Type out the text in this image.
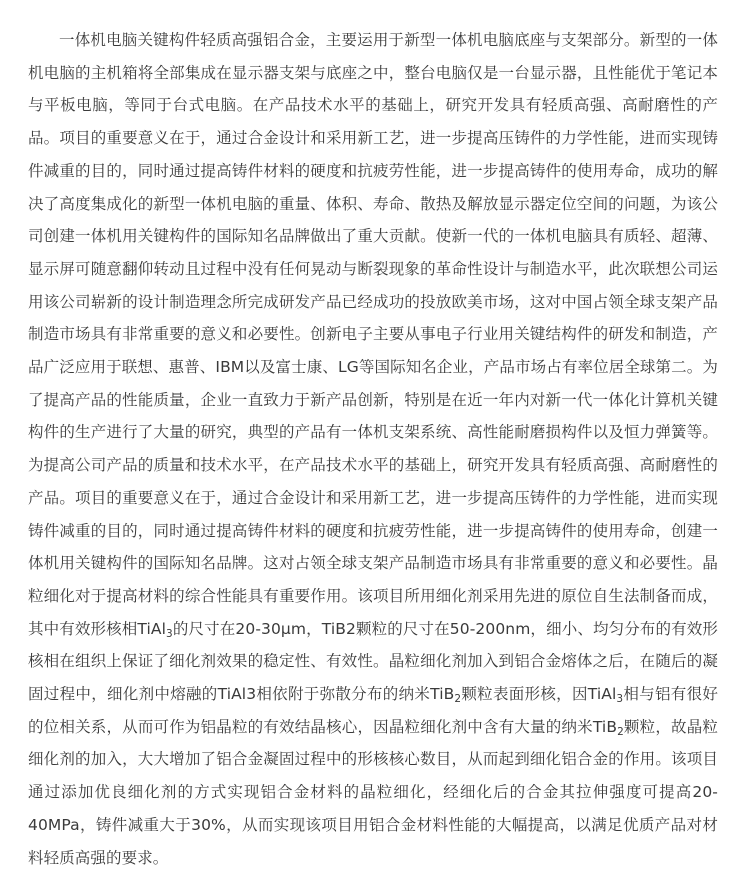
一体机电脑关键构件轻质高强铝合金，主要运用于新型一体机电脑底座与支架部分。新型的一体机电脑的主机箱将全部集成在显示器支架与底座之中，整台电脑仅是一台显示器，且性能优于笔记本与平板电脑，等同于台式电脑。在产品技术水平的基础上，研究开发具有轻质高强、高耐磨性的产品。项目的重要意义在于，通过合金设计和采用新工艺，进一步提高压铸件的力学性能，进而实现铸件减重的目的，同时通过提高铸件材料的硬度和抗疲劳性能，进一步提高铸件的使用寿命，成功的解决了高度集成化的新型一体机电脑的重量、体积、寿命、散热及解放显示器定位空间的问题，为该公司创建一体机用关键构件的国际知名品牌做出了重大贡献。使新一代的一体机电脑具有质轻、超薄、显示屏可随意翻仰转动且过程中没有任何晃动与断裂现象的革命性设计与制造水平，此次联想公司运用该公司崭新的设计制造理念所完成研发产品已经成功的投放欧美市场，这对中国占领全球支架产品制造市场具有非常重要的意义和必要性。创新电子主要从事电子行业用关键结构件的研发和制造，产品广泛应用于联想、惠普、IBM以及富士康、LG等国际知名企业，产品市场占有率位居全球第二。为了提高产品的性能质量，企业一直致力于新产品创新，特别是在近一年内对新一代一体化计算机关键构件的生产进行了大量的研究，典型的产品有一体机支架系统、高性能耐磨损构件以及恒力弹簧等。为提高公司产品的质量和技术水平，在产品技术水平的基础上，研究开发具有轻质高强、高耐磨性的产品。项目的重要意义在于，通过合金设计和采用新工艺，进一步提高压铸件的力学性能，进而实现铸件减重的目的，同时通过提高铸件材料的硬度和抗疲劳性能，进一步提高铸件的使用寿命，创建一体机用关键构件的国际知名品牌。这对占领全球支架产品制造市场具有非常重要的意义和必要性。晶粒细化对于提高材料的综合性能具有重要作用。该项目所用细化剂采用先进的原位自生法制备而成，其中有效形核相TiAl$_3$的尺寸在20-30μm，TiB2颗粒的尺寸在50-200nm，细小、均匀分布的有效形核相在组织上保证了细化剂效果的稳定性、有效性。晶粒细化剂加入到铝合金熔体之后，在随后的凝固过程中，细化剂中熔融的TiAl3相依附于弥散分布的纳米TiB$_2$颗粒表面形核，因TiAl$_3$相与铝有很好的位相关系，从而可作为铝晶粒的有效结晶核心，因晶粒细化剂中含有大量的纳米TiB$_2$颗粒，故晶粒细化剂的加入，大大增加了铝合金凝固过程中的形核核心数目，从而起到细化铝合金的作用。该项目通过添加优良细化剂的方式实现铝合金材料的晶粒细化，经细化后的合金其拉伸强度可提高20-40MPa，铸件减重大于30%，从而实现该项目用铝合金材料性能的大幅提高，以满足优质产品对材料轻质高强的要求。
